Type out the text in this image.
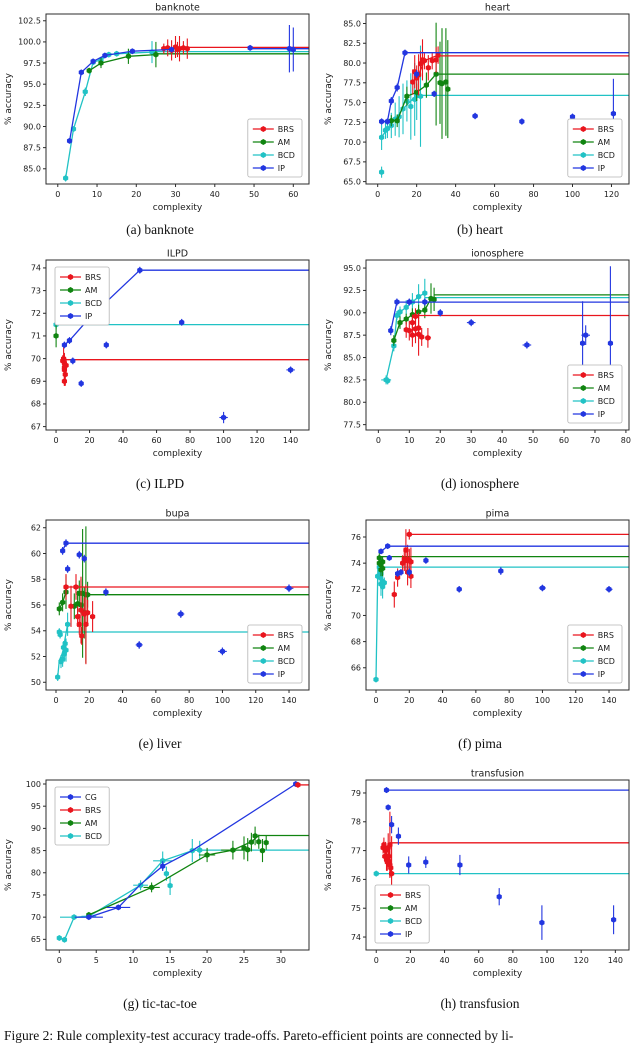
0	10	20	30	40	50	60
85.0
87.5
90.0
92.5
95.0
97.5
100.0
102.5
banknote
complexity
% accuracy
BRS
AM
BCD
IP
(a) banknote
0	20	40	60	80	100	120
65.0
67.5
70.0
72.5
75.0
77.5
80.0
82.5
85.0
heart
complexity
% accuracy
BRS
AM
BCD
IP
(b) heart
0	20	40	60	80	100 120 140
67
68
69
70
71
72
73
74
ILPD
complexity
% accuracy
BRS
AM
BCD
IP
(c) ILPD
0	10	20	30	40	50	60	70	80
77.5
80.0
82.5
85.0
87.5
90.0
92.5
95.0
ionosphere
complexity
% accuracy
BRS
AM
BCD
IP
(d) ionosphere
0	20	40	60	80	100 120 140
50
52
54
56
58
60
62
bupa
complexity
% accuracy
BRS
AM
BCD
IP
(e) liver
0	20	40	60	80	100 120 140
66
68
70
72
74
76
pima
complexity
% accuracy
BRS
AM
BCD
IP
(f) pima
0	5	10	15	20	25	30
65
70
75
80
85
90
95
100
complexity
% accuracy
CG
BRS
AM
BCD
(g) tic-tac-toe
0	20	40	60	80	100 120 140
74
75
76
77
78
79
transfusion
complexity
% accuracy
BRS
AM
BCD
IP
(h) transfusion
Figure 2: Rule complexity-test accuracy trade-offs. Pareto-efficient points are connected by li-
